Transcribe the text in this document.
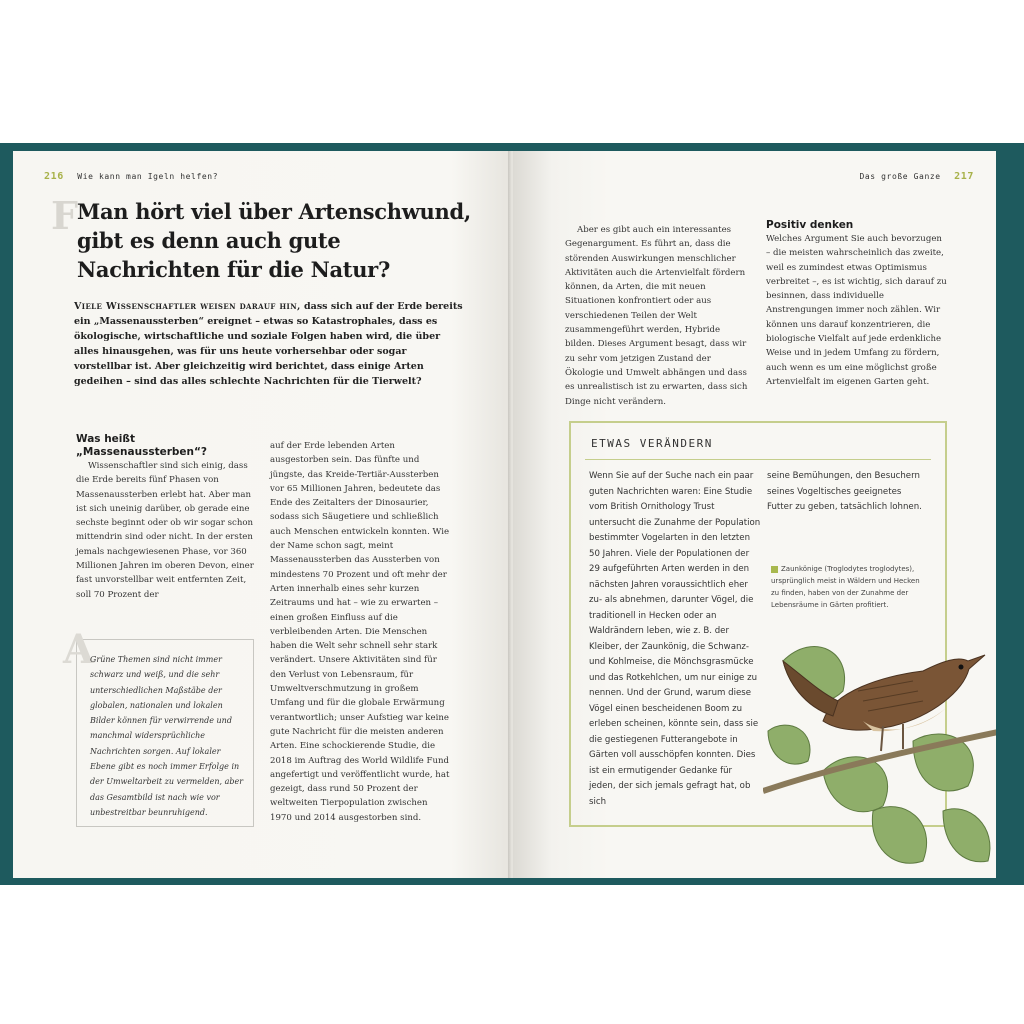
216 Wie kann man Igeln helfen?
F Man hört viel über Artenschwund, gibt es denn auch gute Nachrichten für die Natur?
Viele Wissenschaftler weisen darauf hin, dass sich auf der Erde bereits ein „Massenaussterben“ ereignet – etwas so Katastrophales, dass es ökologische, wirtschaftliche und soziale Folgen haben wird, die über alles hinausgehen, was für uns heute vorhersehbar oder sogar vorstellbar ist. Aber gleichzeitig wird berichtet, dass einige Arten gedeihen – sind das alles schlechte Nachrichten für die Tierwelt?
Was heißt „Massenaussterben“?
Wissenschaftler sind sich einig, dass die Erde bereits fünf Phasen von Massenaussterben erlebt hat. Aber man ist sich uneinig darüber, ob gerade eine sechste beginnt oder ob wir sogar schon mittendrin sind oder nicht. In der ersten jemals nachgewiesenen Phase, vor 360 Millionen Jahren im oberen Devon, einer fast unvorstellbar weit entfernten Zeit, soll 70 Prozent der
auf der Erde lebenden Arten ausgestorben sein. Das fünfte und jüngste, das Kreide-Tertiär-Aussterben vor 65 Millionen Jahren, bedeutete das Ende des Zeitalters der Dinosaurier, sodass sich Säugetiere und schließlich auch Menschen entwickeln konnten. Wie der Name schon sagt, meint Massenaussterben das Aussterben von mindestens 70 Prozent und oft mehr der Arten innerhalb eines sehr kurzen Zeitraums und hat – wie zu erwarten – einen großen Einfluss auf die verbleibenden Arten. Die Menschen haben die Welt sehr schnell sehr stark verändert. Unsere Aktivitäten sind für den Verlust von Lebensraum, für Umweltverschmutzung in großem Umfang und für die globale Erwärmung verantwortlich; unser Aufstieg war keine gute Nachricht für die meisten anderen Arten. Eine schockierende Studie, die 2018 im Auftrag des World Wildlife Fund angefertigt und veröffentlicht wurde, hat gezeigt, dass rund 50 Prozent der weltweiten Tierpopulation zwischen 1970 und 2014 ausgestorben sind.
A
Grüne Themen sind nicht immer schwarz und weiß, und die sehr unterschiedlichen Maßstäbe der globalen, nationalen und lokalen Bilder können für verwirrende und manchmal widersprüchliche Nachrichten sorgen. Auf lokaler Ebene gibt es noch immer Erfolge in der Umweltarbeit zu vermelden, aber das Gesamtbild ist nach wie vor unbestreitbar beunruhigend.
Das große Ganze 217
Aber es gibt auch ein interessantes Gegenargument. Es führt an, dass die störenden Auswirkungen menschlicher Aktivitäten auch die Artenvielfalt fördern können, da Arten, die mit neuen Situationen konfrontiert oder aus verschiedenen Teilen der Welt zusammengeführt werden, Hybride bilden. Dieses Argument besagt, dass wir zu sehr vom jetzigen Zustand der Ökologie und Umwelt abhängen und dass es unrealistisch ist zu erwarten, dass sich Dinge nicht verändern.
Positiv denken
Welches Argument Sie auch bevorzugen – die meisten wahrscheinlich das zweite, weil es zumindest etwas Optimismus verbreitet –, es ist wichtig, sich darauf zu besinnen, dass individuelle Anstrengungen immer noch zählen. Wir können uns darauf konzentrieren, die biologische Vielfalt auf jede erdenkliche Weise und in jedem Umfang zu fördern, auch wenn es um eine möglichst große Artenvielfalt im eigenen Garten geht.
ETWAS VERÄNDERN
Wenn Sie auf der Suche nach ein paar guten Nachrichten waren: Eine Studie vom British Ornithology Trust untersucht die Zunahme der Population bestimmter Vogelarten in den letzten 50 Jahren. Viele der Populationen der 29 aufgeführten Arten werden in den nächsten Jahren voraussichtlich eher zu- als abnehmen, darunter Vögel, die traditionell in Hecken oder an Waldrändern leben, wie z. B. der Kleiber, der Zaunkönig, die Schwanz- und Kohlmeise, die Mönchsgrasmücke und das Rotkehlchen, um nur einige zu nennen. Und der Grund, warum diese Vögel einen bescheidenen Boom zu erleben scheinen, könnte sein, dass sie die gestiegenen Futterangebote in Gärten voll ausschöpfen konnten. Dies ist ein ermutigender Gedanke für jeden, der sich jemals gefragt hat, ob sich
seine Bemühungen, den Besuchern seines Vogeltisches geeignetes Futter zu geben, tatsächlich lohnen.
Zaunkönige (Troglodytes troglodytes), ursprünglich meist in Wäldern und Hecken zu finden, haben von der Zunahme der Lebensräume in Gärten profitiert.
